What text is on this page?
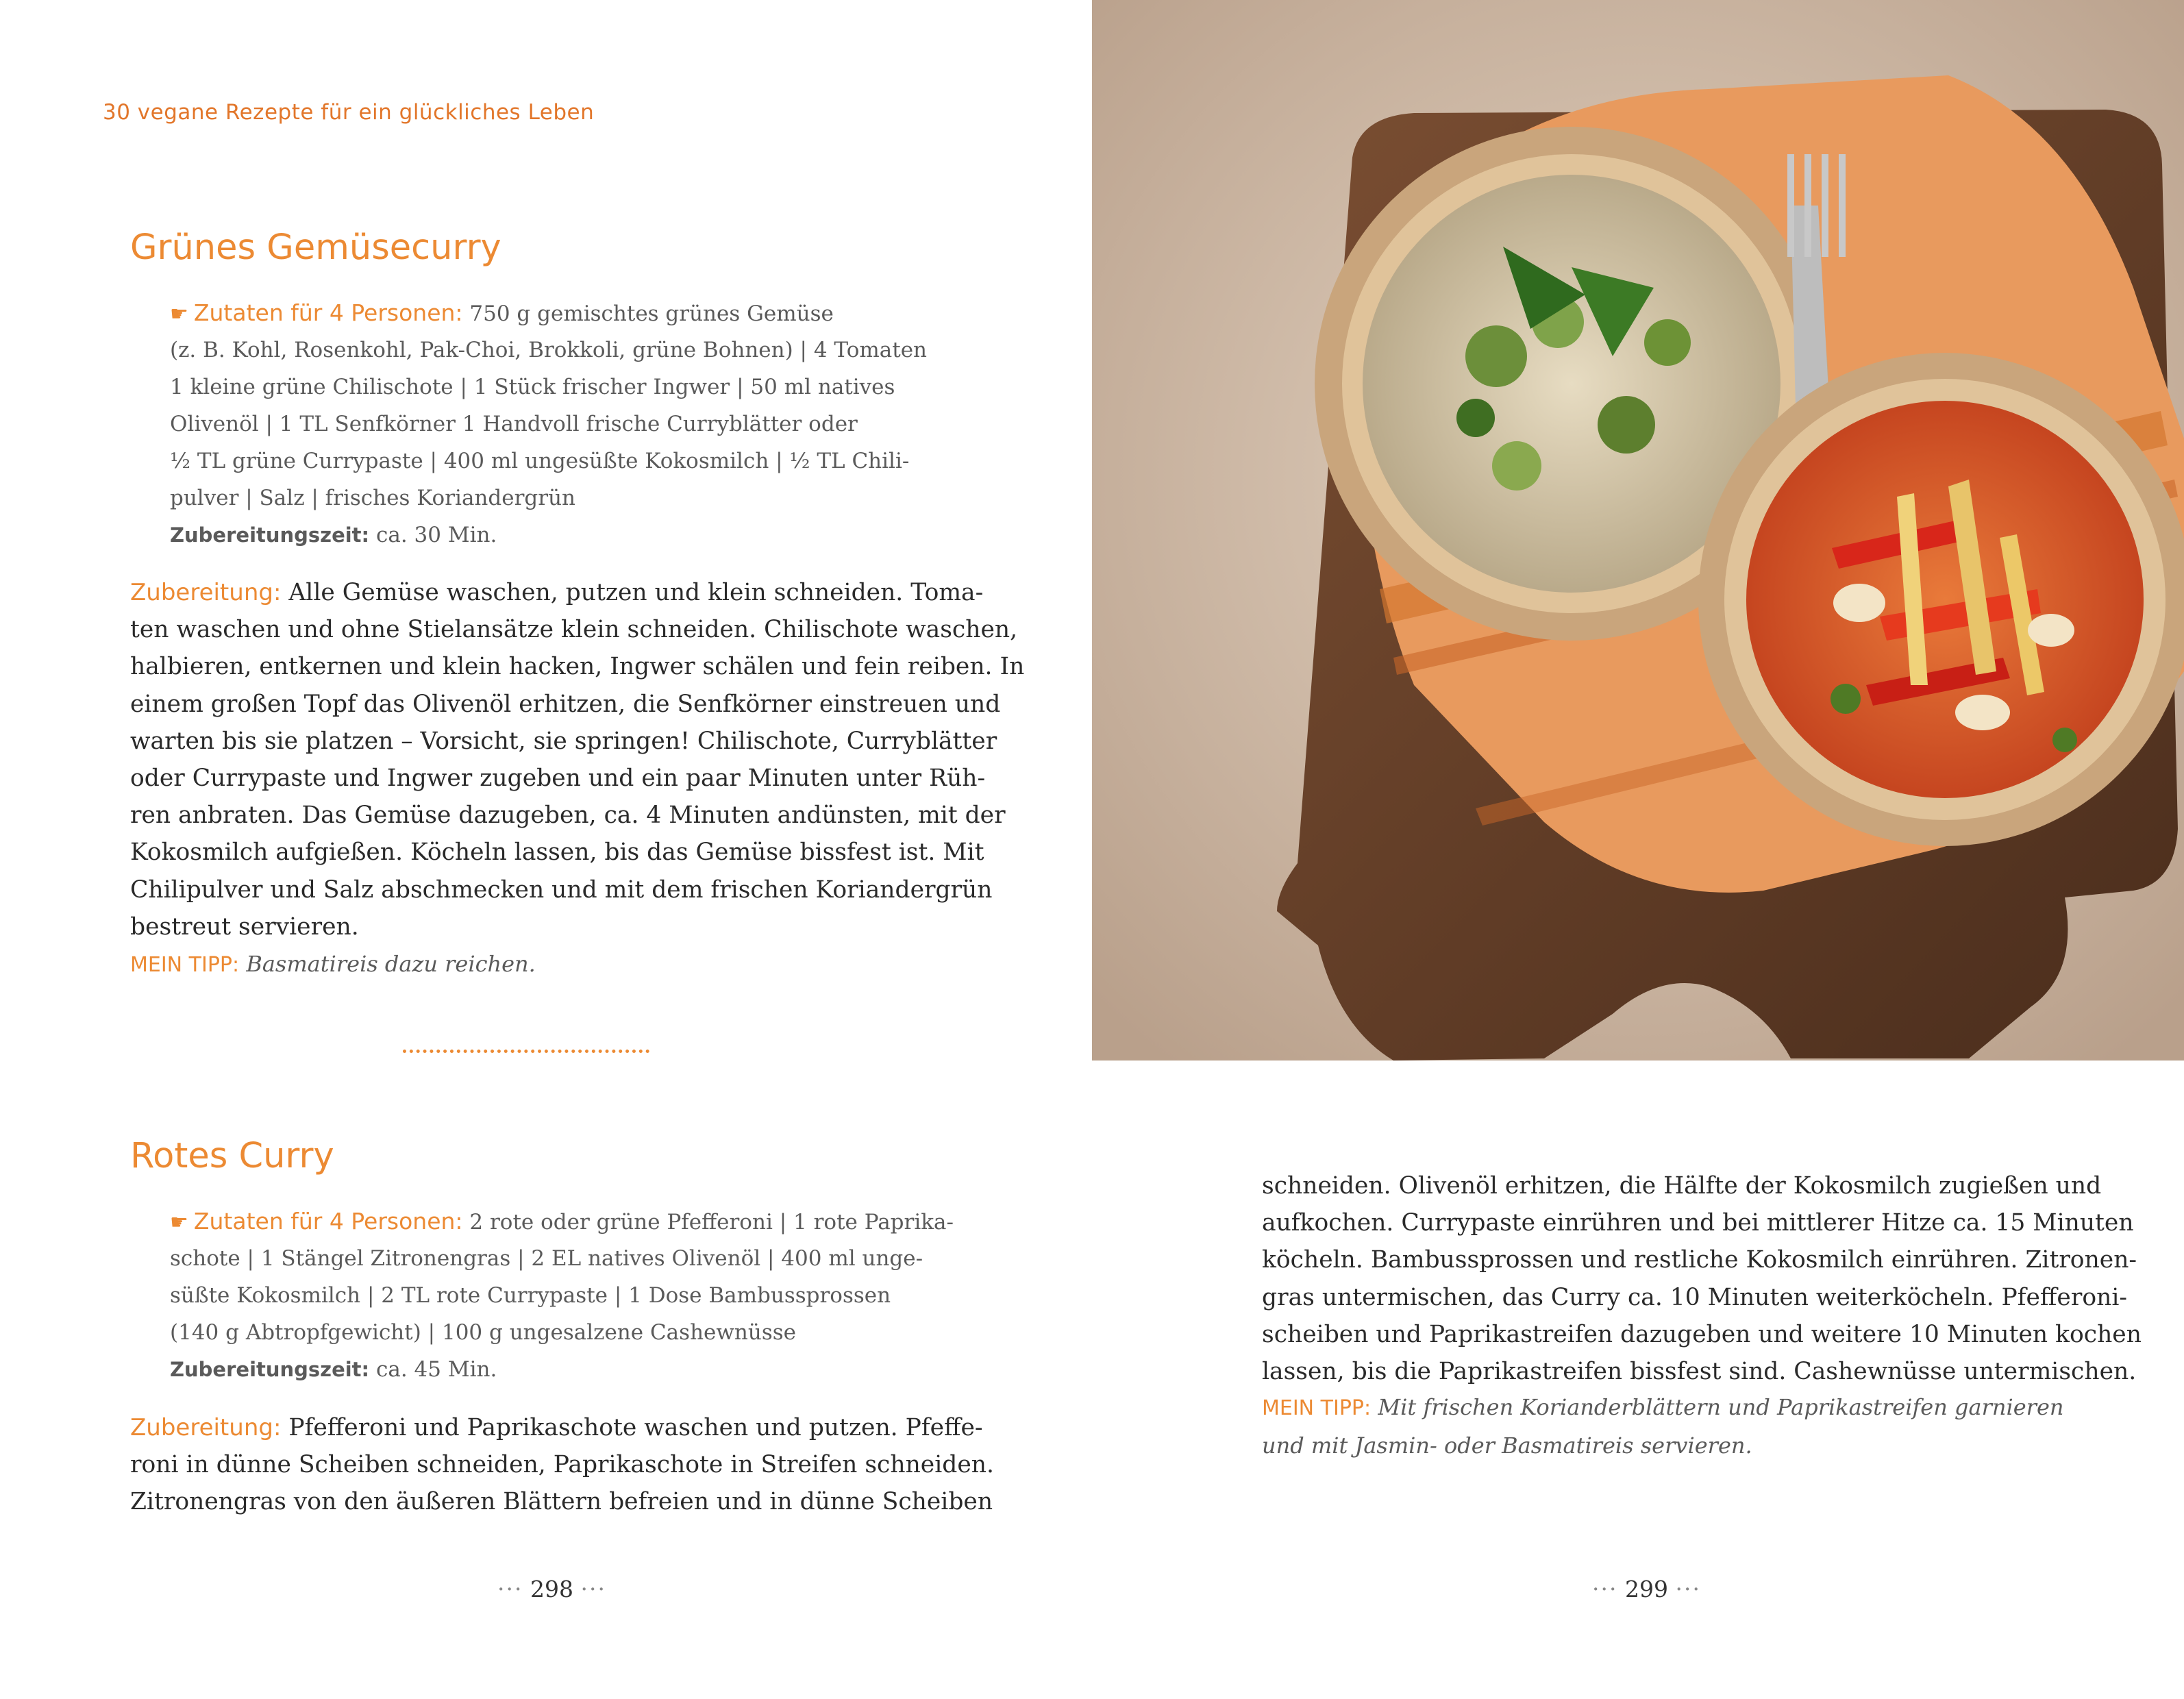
30 vegane Rezepte für ein glückliches Leben
Grünes Gemüsecurry
☛ Zutaten für 4 Personen: 750 g gemischtes grünes Gemüse
(z. B. Kohl, Rosenkohl, Pak-Choi, Brokkoli, grüne Bohnen) | 4 Tomaten
1 kleine grüne Chilischote | 1 Stück frischer Ingwer | 50 ml natives
Olivenöl | 1 TL Senfkörner 1 Handvoll frische Curryblätter oder
½ TL grüne Currypaste | 400 ml ungesüßte Kokosmilch | ½ TL Chili-
pulver | Salz | frisches Koriandergrün
Zubereitungszeit: ca. 30 Min.
Zubereitung: Alle Gemüse waschen, putzen und klein schneiden. Toma-
ten waschen und ohne Stielansätze klein schneiden. Chilischote waschen,
halbieren, entkernen und klein hacken, Ingwer schälen und fein reiben. In
einem großen Topf das Olivenöl erhitzen, die Senfkörner einstreuen und
warten bis sie platzen – Vorsicht, sie springen! Chilischote, Curryblätter
oder Currypaste und Ingwer zugeben und ein paar Minuten unter Rüh-
ren anbraten. Das Gemüse dazugeben, ca. 4 Minuten andünsten, mit der
Kokosmilch aufgießen. Köcheln lassen, bis das Gemüse bissfest ist. Mit
Chilipulver und Salz abschmecken und mit dem frischen Koriandergrün
bestreut servieren.
MEIN TIPP: Basmatireis dazu reichen.
Rotes Curry
☛ Zutaten für 4 Personen: 2 rote oder grüne Pfefferoni | 1 rote Paprika-
schote | 1 Stängel Zitronengras | 2 EL natives Olivenöl | 400 ml unge-
süßte Kokosmilch | 2 TL rote Currypaste | 1 Dose Bambussprossen
(140 g Abtropfgewicht) | 100 g ungesalzene Cashewnüsse
Zubereitungszeit: ca. 45 Min.
Zubereitung: Pfefferoni und Paprikaschote waschen und putzen. Pfeffe-
roni in dünne Scheiben schneiden, Paprikaschote in Streifen schneiden.
Zitronengras von den äußeren Blättern befreien und in dünne Scheiben
··· 298 ···
schneiden. Olivenöl erhitzen, die Hälfte der Kokosmilch zugießen und
aufkochen. Currypaste einrühren und bei mittlerer Hitze ca. 15 Minuten
köcheln. Bambussprossen und restliche Kokosmilch einrühren. Zitronen-
gras untermischen, das Curry ca. 10 Minuten weiterköcheln. Pfefferoni-
scheiben und Paprikastreifen dazugeben und weitere 10 Minuten kochen
lassen, bis die Paprikastreifen bissfest sind. Cashewnüsse untermischen.
MEIN TIPP: Mit frischen Korianderblättern und Paprikastreifen garnieren
und mit Jasmin- oder Basmatireis servieren.
··· 299 ···
